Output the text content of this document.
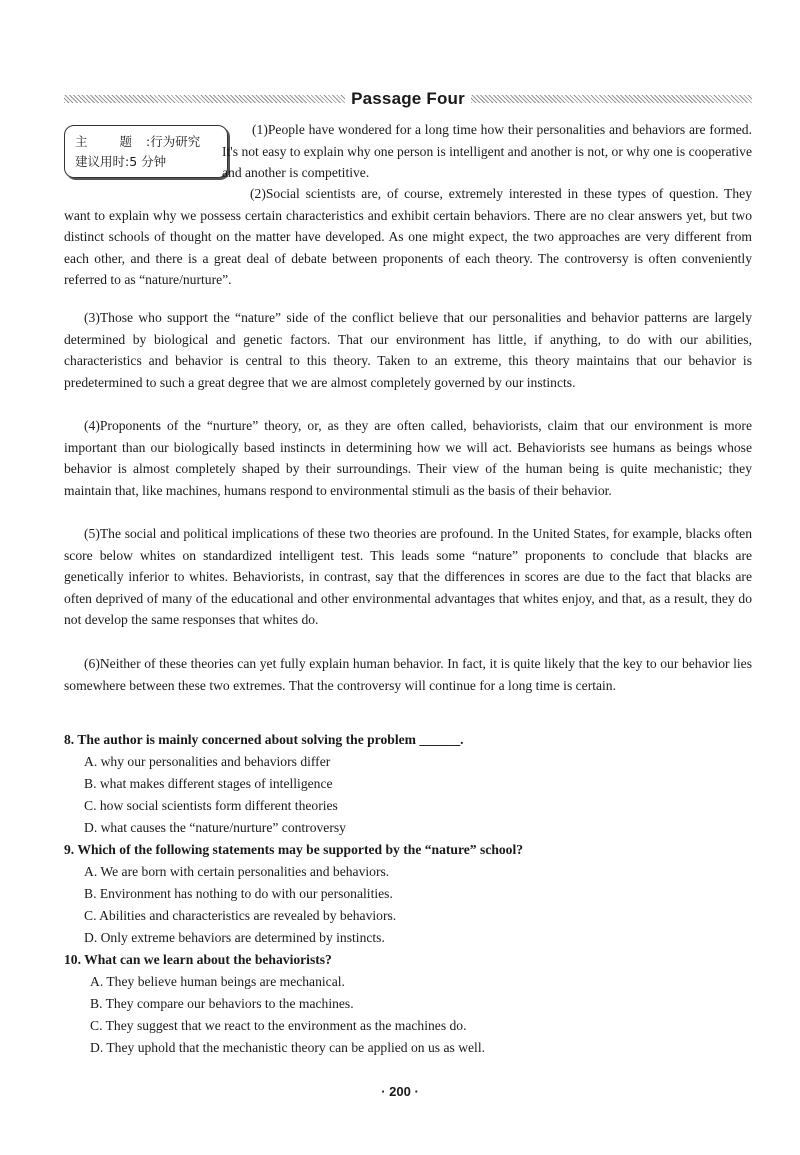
Passage Four
主 题:行为研究
建议用时:5 分钟

(1)People have wondered for a long time how their personalities and behaviors are formed. It's not easy to explain why one person is intelligent and another is not, or why one is cooperative and another is competitive.

(2)Social scientists are, of course, extremely interested in these types of question. They want to explain why we possess certain characteristics and exhibit certain behaviors. There are no clear answers yet, but two distinct schools of thought on the matter have developed. As one might expect, the two approaches are very different from each other, and there is a great deal of debate between proponents of each theory. The controversy is often conveniently referred to as “nature/nurture”.

(3)Those who support the “nature” side of the conflict believe that our personalities and behavior patterns are largely determined by biological and genetic factors. That our environment has little, if anything, to do with our abilities, characteristics and behavior is central to this theory. Taken to an extreme, this theory maintains that our behavior is predetermined to such a great degree that we are almost completely governed by our instincts.

(4)Proponents of the “nurture” theory, or, as they are often called, behaviorists, claim that our environment is more important than our biologically based instincts in determining how we will act. Behaviorists see humans as beings whose behavior is almost completely shaped by their surroundings. Their view of the human being is quite mechanistic; they maintain that, like machines, humans respond to environmental stimuli as the basis of their behavior.

(5)The social and political implications of these two theories are profound. In the United States, for example, blacks often score below whites on standardized intelligent test. This leads some “nature” proponents to conclude that blacks are genetically inferior to whites. Behaviorists, in contrast, say that the differences in scores are due to the fact that blacks are often deprived of many of the educational and other environmental advantages that whites enjoy, and that, as a result, they do not develop the same responses that whites do.

(6)Neither of these theories can yet fully explain human behavior. In fact, it is quite likely that the key to our behavior lies somewhere between these two extremes. That the controversy will continue for a long time is certain.

8. The author is mainly concerned about solving the problem ______.

A. why our personalities and behaviors differ

B. what makes different stages of intelligence

C. how social scientists form different theories

D. what causes the “nature/nurture” controversy

9. Which of the following statements may be supported by the “nature” school?

A. We are born with certain personalities and behaviors.

B. Environment has nothing to do with our personalities.

C. Abilities and characteristics are revealed by behaviors.

D. Only extreme behaviors are determined by instincts.

10. What can we learn about the behaviorists?

A. They believe human beings are mechanical.

B. They compare our behaviors to the machines.

C. They suggest that we react to the environment as the machines do.

D. They uphold that the mechanistic theory can be applied on us as well.

· 200 ·
